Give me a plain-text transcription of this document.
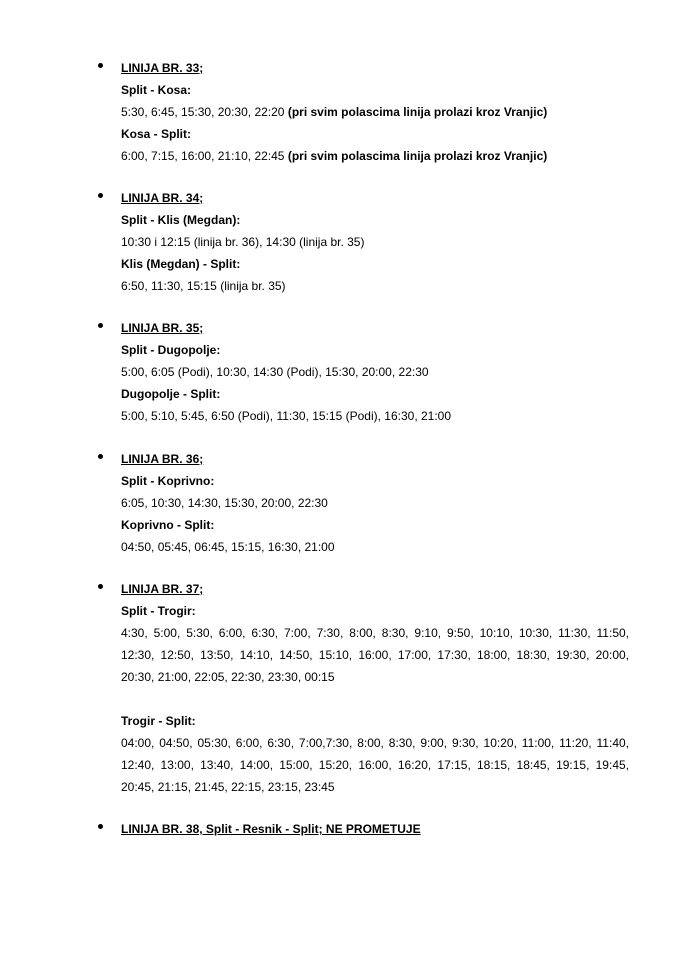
LINIJA BR. 33;
Split - Kosa:
5:30, 6:45, 15:30, 20:30, 22:20 (pri svim polascima linija prolazi kroz Vranjic)
Kosa - Split:
6:00, 7:15, 16:00, 21:10, 22:45 (pri svim polascima linija prolazi kroz Vranjic)
LINIJA BR. 34;
Split - Klis (Megdan):
10:30 i 12:15 (linija br. 36), 14:30 (linija br. 35)
Klis (Megdan) - Split:
6:50, 11:30, 15:15 (linija br. 35)
LINIJA BR. 35;
Split - Dugopolje:
5:00, 6:05 (Podi), 10:30, 14:30 (Podi), 15:30, 20:00, 22:30
Dugopolje - Split:
5:00, 5:10, 5:45, 6:50 (Podi), 11:30, 15:15 (Podi), 16:30, 21:00
LINIJA BR. 36;
Split - Koprivno:
6:05, 10:30, 14:30, 15:30, 20:00, 22:30
Koprivno - Split:
04:50, 05:45, 06:45, 15:15, 16:30, 21:00
LINIJA BR. 37;
Split - Trogir:
4:30, 5:00, 5:30, 6:00, 6:30, 7:00, 7:30, 8:00, 8:30, 9:10, 9:50, 10:10, 10:30, 11:30, 11:50, 12:30, 12:50, 13:50, 14:10, 14:50, 15:10, 16:00, 17:00, 17:30, 18:00, 18:30, 19:30, 20:00, 20:30, 21:00, 22:05, 22:30, 23:30, 00:15
Trogir - Split:
04:00, 04:50, 05:30, 6:00, 6:30, 7:00,7:30, 8:00, 8:30, 9:00, 9:30, 10:20, 11:00, 11:20, 11:40, 12:40, 13:00, 13:40, 14:00, 15:00, 15:20, 16:00, 16:20, 17:15, 18:15, 18:45, 19:15, 19:45, 20:45, 21:15, 21:45, 22:15, 23:15, 23:45
LINIJA BR. 38, Split - Resnik - Split; NE PROMETUJE
